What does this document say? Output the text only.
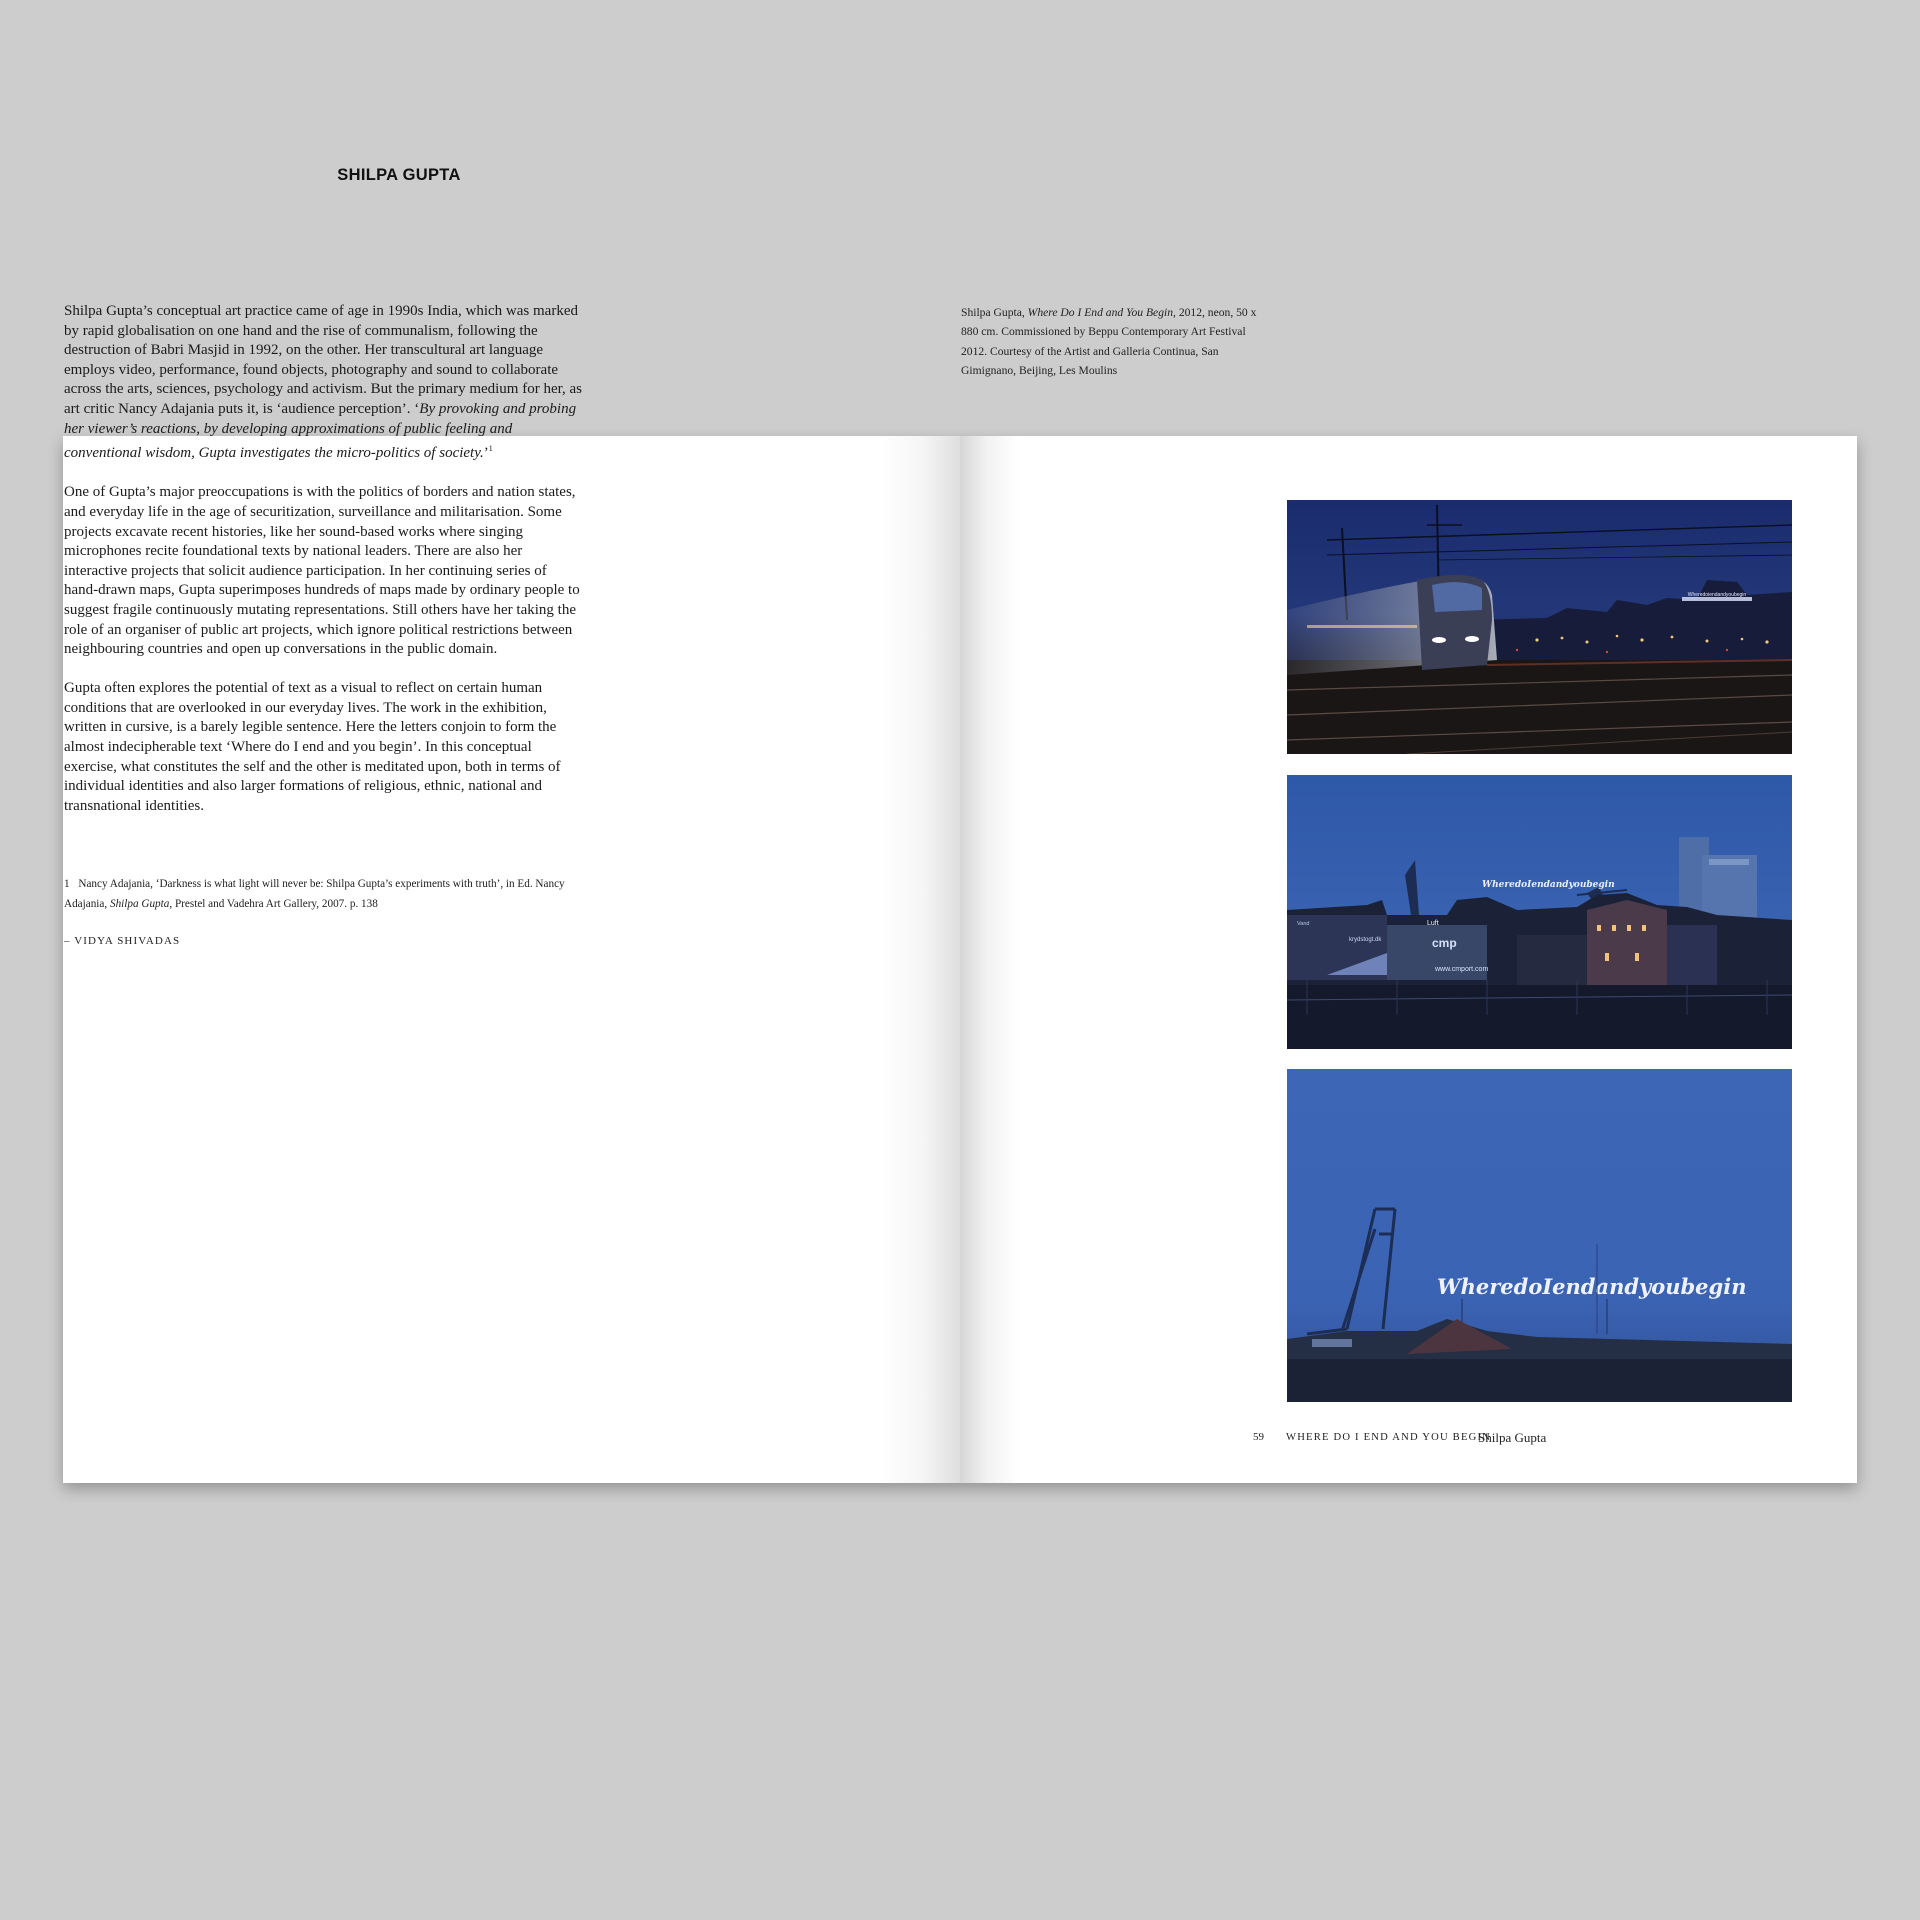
SHILPA GUPTA

Shilpa Gupta’s conceptual art practice came of age in 1990s India, which was marked by rapid globalisation on one hand and the rise of communalism, following the destruction of Babri Masjid in 1992, on the other. Her transcultural art language employs video, performance, found objects, photography and sound to collaborate across the arts, sciences, psychology and activism. But the primary medium for her, as art critic Nancy Adajania puts it, is ‘audience perception’. ‘By provoking and probing her viewer’s reactions, by developing approximations of public feeling and conventional wisdom, Gupta investigates the micro-politics of society.’$^1$

One of Gupta’s major preoccupations is with the politics of borders and nation states, and everyday life in the age of securitization, surveillance and militarisation. Some projects excavate recent histories, like her sound-based works where singing microphones recite foundational texts by national leaders. There are also her interactive projects that solicit audience participation. In her continuing series of hand-drawn maps, Gupta superimposes hundreds of maps made by ordinary people to suggest fragile continuously mutating representations. Still others have her taking the role of an organiser of public art projects, which ignore political restrictions between neighbouring countries and open up conversations in the public domain.

Gupta often explores the potential of text as a visual to reflect on certain human conditions that are overlooked in our everyday lives. The work in the exhibition, written in cursive, is a barely legible sentence. Here the letters conjoin to form the almost indecipherable text ‘Where do I end and you begin’. In this conceptual exercise, what constitutes the self and the other is meditated upon, both in terms of individual identities and also larger formations of religious, ethnic, national and transnational identities.

1 Nancy Adajania, ‘Darkness is what light will never be: Shilpa Gupta’s experiments with truth’, in Ed. Nancy Adajania, Shilpa Gupta, Prestel and Vadehra Art Gallery, 2007. p. 138
– VIDYA SHIVADAS
Shilpa Gupta, Where Do I End and You Begin, 2012, neon, 50 x 880 cm. Commissioned by Beppu Contemporary Art Festival 2012. Courtesy of the Artist and Galleria Continua, San Gimignano, Beijing, Les Moulins
Wheredoiendandyoubegin
WheredoIendandyoubegin
Vand	Luft
krydstogt.dk	cmp
www.cmport.com
WheredoIendandyoubegin
59 WHERE DO I END AND YOU BEGIN
Shilpa Gupta
